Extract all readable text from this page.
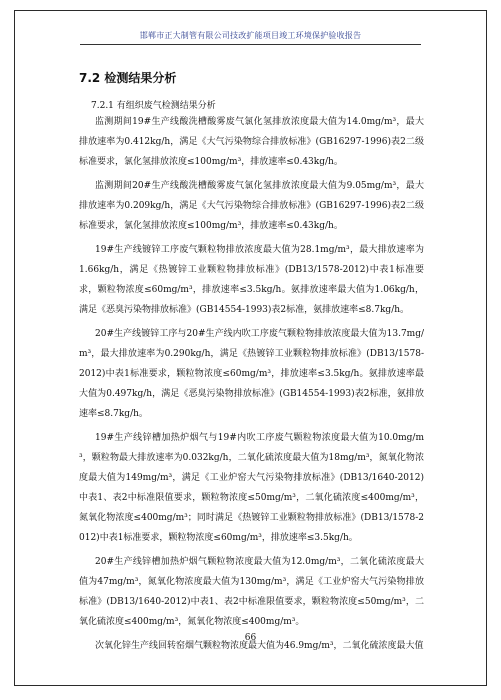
邯郸市正大制管有限公司技改扩能项目竣工环境保护验收报告
7.2 检测结果分析
7.2.1 有组织废气检测结果分析

监测期间19#生产线酸洗槽酸雾废气氯化氢排放浓度最大值为14.0mg/m³，最大排放速率为0.412kg/h，满足《大气污染物综合排放标准》(GB16297-1996)表2二级标准要求，氯化氢排放浓度≤100mg/m³，排放速率≤0.43kg/h。

监测期间20#生产线酸洗槽酸雾废气氯化氢排放浓度最大值为9.05mg/m³，最大排放速率为0.209kg/h，满足《大气污染物综合排放标准》(GB16297-1996)表2二级标准要求，氯化氢排放浓度≤100mg/m³，排放速率≤0.43kg/h。

19#生产线镀锌工序废气颗粒物排放浓度最大值为28.1mg/m³，最大排放速率为1.66kg/h，满足《热镀锌工业颗粒物排放标准》(DB13/1578-2012)中表1标准要求，颗粒物浓度≤60mg/m³，排放速率≤3.5kg/h。氨排放速率最大值为1.06kg/h，满足《恶臭污染物排放标准》(GB14554-1993)表2标准，氨排放速率≤8.7kg/h。

20#生产线镀锌工序与20#生产线内吹工序废气颗粒物排放浓度最大值为13.7mg/m³，最大排放速率为0.290kg/h，满足《热镀锌工业颗粒物排放标准》(DB13/1578-2012)中表1标准要求，颗粒物浓度≤60mg/m³，排放速率≤3.5kg/h。氨排放速率最大值为0.497kg/h，满足《恶臭污染物排放标准》(GB14554-1993)表2标准，氨排放速率≤8.7kg/h。

19#生产线锌槽加热炉烟气与19#内吹工序废气颗粒物浓度最大值为10.0mg/m³，颗粒物最大排放速率为0.032kg/h，二氧化硫浓度最大值为18mg/m³，氮氧化物浓度最大值为149mg/m³，满足《工业炉窑大气污染物排放标准》(DB13/1640-2012)中表1、表2中标准限值要求，颗粒物浓度≤50mg/m³，二氧化硫浓度≤400mg/m³，氮氧化物浓度≤400mg/m³；同时满足《热镀锌工业颗粒物排放标准》(DB13/1578-2012)中表1标准要求，颗粒物浓度≤60mg/m³，排放速率≤3.5kg/h。

20#生产线锌槽加热炉烟气颗粒物浓度最大值为12.0mg/m³，二氧化硫浓度最大值为47mg/m³，氮氧化物浓度最大值为130mg/m³，满足《工业炉窑大气污染物排放标准》(DB13/1640-2012)中表1、表2中标准限值要求，颗粒物浓度≤50mg/m³，二氧化硫浓度≤400mg/m³，氮氧化物浓度≤400mg/m³。

次氧化锌生产线回转窑烟气颗粒物浓度最大值为46.9mg/m³，二氧化硫浓度最大值

66
